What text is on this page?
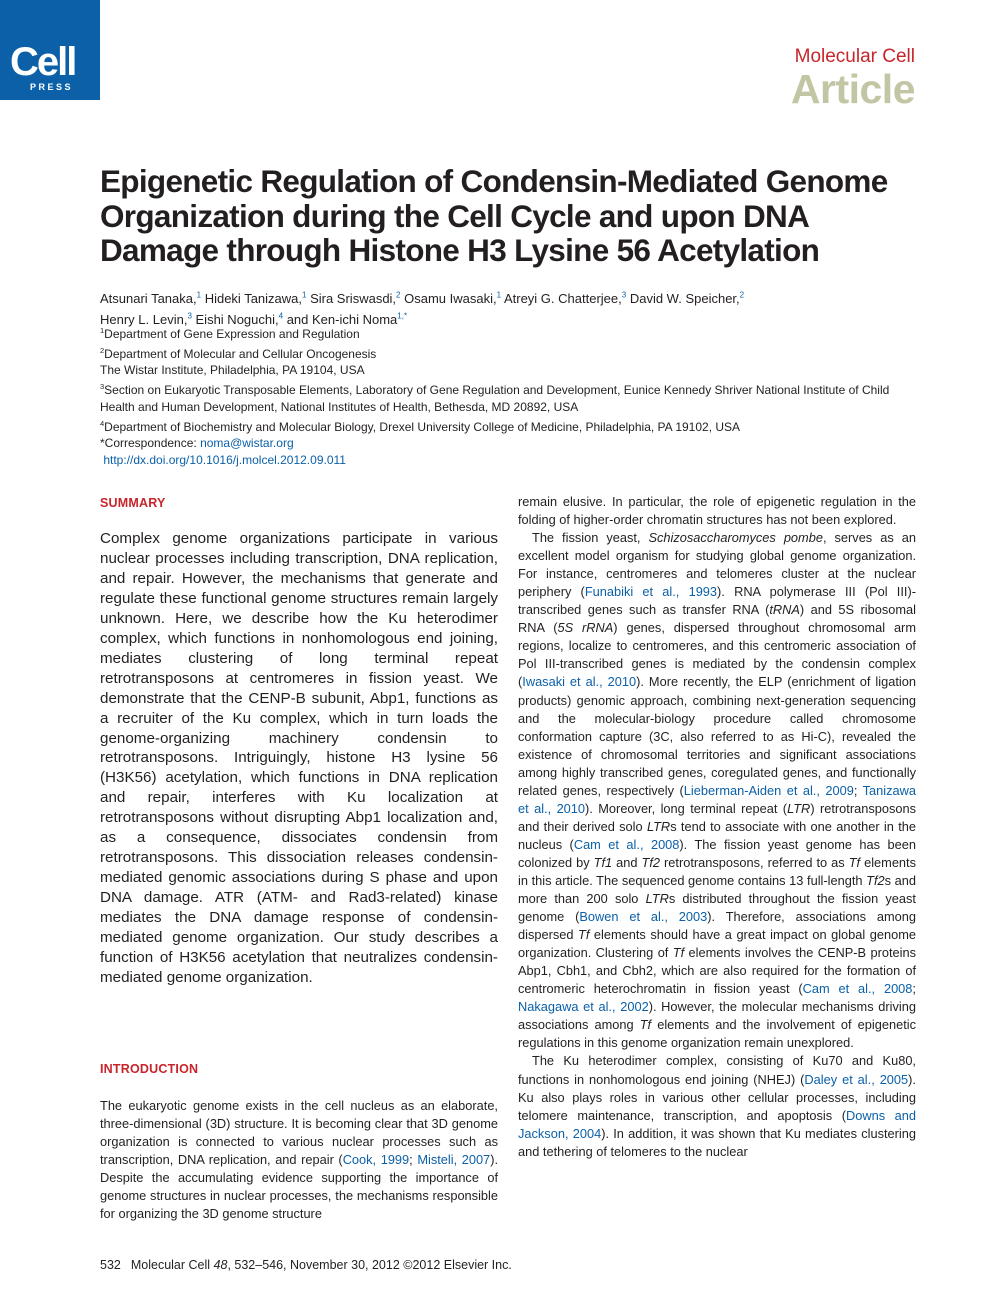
Cell
PRESS
Molecular Cell
Article
Epigenetic Regulation of Condensin-Mediated Genome Organization during the Cell Cycle and upon DNA Damage through Histone H3 Lysine 56 Acetylation
Atsunari Tanaka,$^1$ Hideki Tanizawa,$^1$ Sira Sriswasdi,$^2$ Osamu Iwasaki,$^1$ Atreyi G. Chatterjee,$^3$ David W. Speicher,$^2$
Henry L. Levin,$^3$ Eishi Noguchi,$^4$ and Ken-ichi Noma$^{1,*}$

$^1$Department of Gene Expression and Regulation

$^2$Department of Molecular and Cellular Oncogenesis

The Wistar Institute, Philadelphia, PA 19104, USA

$^3$Section on Eukaryotic Transposable Elements, Laboratory of Gene Regulation and Development, Eunice Kennedy Shriver National Institute of Child Health and Human Development, National Institutes of Health, Bethesda, MD 20892, USA

$^4$Department of Biochemistry and Molecular Biology, Drexel University College of Medicine, Philadelphia, PA 19102, USA

*Correspondence: noma@wistar.org

http://dx.doi.org/10.1016/j.molcel.2012.09.011

SUMMARY

Complex genome organizations participate in various nuclear processes including transcription, DNA replication, and repair. However, the mechanisms that generate and regulate these functional genome structures remain largely unknown. Here, we describe how the Ku heterodimer complex, which functions in nonhomologous end joining, mediates clustering of long terminal repeat retrotransposons at centromeres in fission yeast. We demonstrate that the CENP-B subunit, Abp1, functions as a recruiter of the Ku complex, which in turn loads the genome-organizing machinery condensin to retrotransposons. Intriguingly, histone H3 lysine 56 (H3K56) acetylation, which functions in DNA replication and repair, interferes with Ku localization at retrotransposons without disrupting Abp1 localization and, as a consequence, dissociates condensin from retrotransposons. This dissociation releases condensin-mediated genomic associations during S phase and upon DNA damage. ATR (ATM- and Rad3-related) kinase mediates the DNA damage response of condensin-mediated genome organization. Our study describes a function of H3K56 acetylation that neutralizes condensin-mediated genome organization.

INTRODUCTION

The eukaryotic genome exists in the cell nucleus as an elaborate, three-dimensional (3D) structure. It is becoming clear that 3D genome organization is connected to various nuclear processes such as transcription, DNA replication, and repair (Cook, 1999; Misteli, 2007). Despite the accumulating evidence supporting the importance of genome structures in nuclear processes, the mechanisms responsible for organizing the 3D genome structure

remain elusive. In particular, the role of epigenetic regulation in the folding of higher-order chromatin structures has not been explored.

The fission yeast, Schizosaccharomyces pombe, serves as an excellent model organism for studying global genome organization. For instance, centromeres and telomeres cluster at the nuclear periphery (Funabiki et al., 1993). RNA polymerase III (Pol III)-transcribed genes such as transfer RNA (tRNA) and 5S ribosomal RNA (5S rRNA) genes, dispersed throughout chromosomal arm regions, localize to centromeres, and this centromeric association of Pol III-transcribed genes is mediated by the condensin complex (Iwasaki et al., 2010). More recently, the ELP (enrichment of ligation products) genomic approach, combining next-generation sequencing and the molecular-biology procedure called chromosome conformation capture (3C, also referred to as Hi-C), revealed the existence of chromosomal territories and significant associations among highly transcribed genes, coregulated genes, and functionally related genes, respectively (Lieberman-Aiden et al., 2009; Tanizawa et al., 2010). Moreover, long terminal repeat (LTR) retrotransposons and their derived solo LTRs tend to associate with one another in the nucleus (Cam et al., 2008). The fission yeast genome has been colonized by Tf1 and Tf2 retrotransposons, referred to as Tf elements in this article. The sequenced genome contains 13 full-length Tf2s and more than 200 solo LTRs distributed throughout the fission yeast genome (Bowen et al., 2003). Therefore, associations among dispersed Tf elements should have a great impact on global genome organization. Clustering of Tf elements involves the CENP-B proteins Abp1, Cbh1, and Cbh2, which are also required for the formation of centromeric heterochromatin in fission yeast (Cam et al., 2008; Nakagawa et al., 2002). However, the molecular mechanisms driving associations among Tf elements and the involvement of epigenetic regulations in this genome organization remain unexplored.

The Ku heterodimer complex, consisting of Ku70 and Ku80, functions in nonhomologous end joining (NHEJ) (Daley et al., 2005). Ku also plays roles in various other cellular processes, including telomere maintenance, transcription, and apoptosis (Downs and Jackson, 2004). In addition, it was shown that Ku mediates clustering and tethering of telomeres to the nuclear

532 Molecular Cell 48, 532–546, November 30, 2012 ©2012 Elsevier Inc.
